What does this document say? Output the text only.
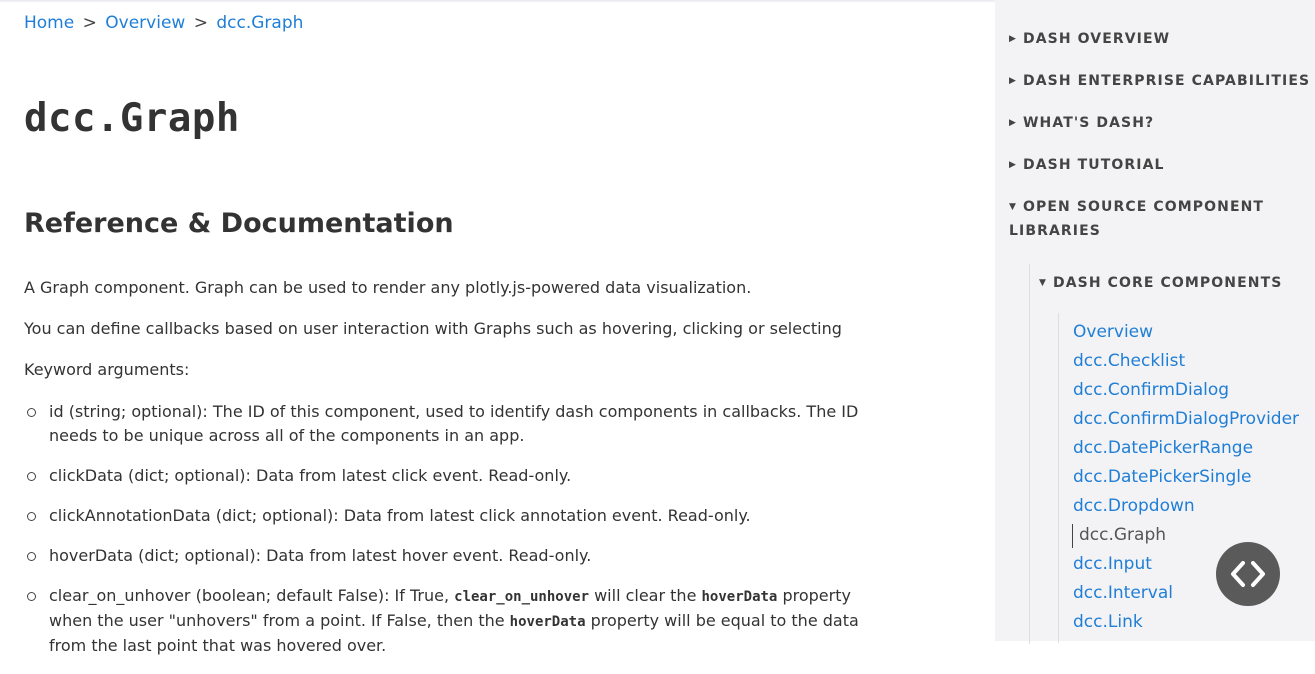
Home > Overview > dcc.Graph
dcc.Graph
Reference & Documentation

A Graph component. Graph can be used to render any plotly.js-powered data visualization.

You can define callbacks based on user interaction with Graphs such as hovering, clicking or selecting

Keyword arguments:

id (string; optional): The ID of this component, used to identify dash components in callbacks. The ID needs to be unique across all of the components in an app.
clickData (dict; optional): Data from latest click event. Read-only.
clickAnnotationData (dict; optional): Data from latest click annotation event. Read-only.
hoverData (dict; optional): Data from latest hover event. Read-only.
clear_on_unhover (boolean; default False): If True, clear_on_unhover will clear the hoverData property when the user "unhovers" from a point. If False, then the hoverData property will be equal to the data from the last point that was hovered over.
▶ DASH OVERVIEW
▶ DASH ENTERPRISE CAPABILITIES
▶ WHAT'S DASH?
▶ DASH TUTORIAL
▼ OPEN SOURCE COMPONENT
LIBRARIES
▼ DASH CORE COMPONENTS
Overview
dcc.Checklist
dcc.ConfirmDialog
dcc.ConfirmDialogProvider
dcc.DatePickerRange
dcc.DatePickerSingle
dcc.Dropdown
dcc.Graph
dcc.Input
dcc.Interval
dcc.Link
